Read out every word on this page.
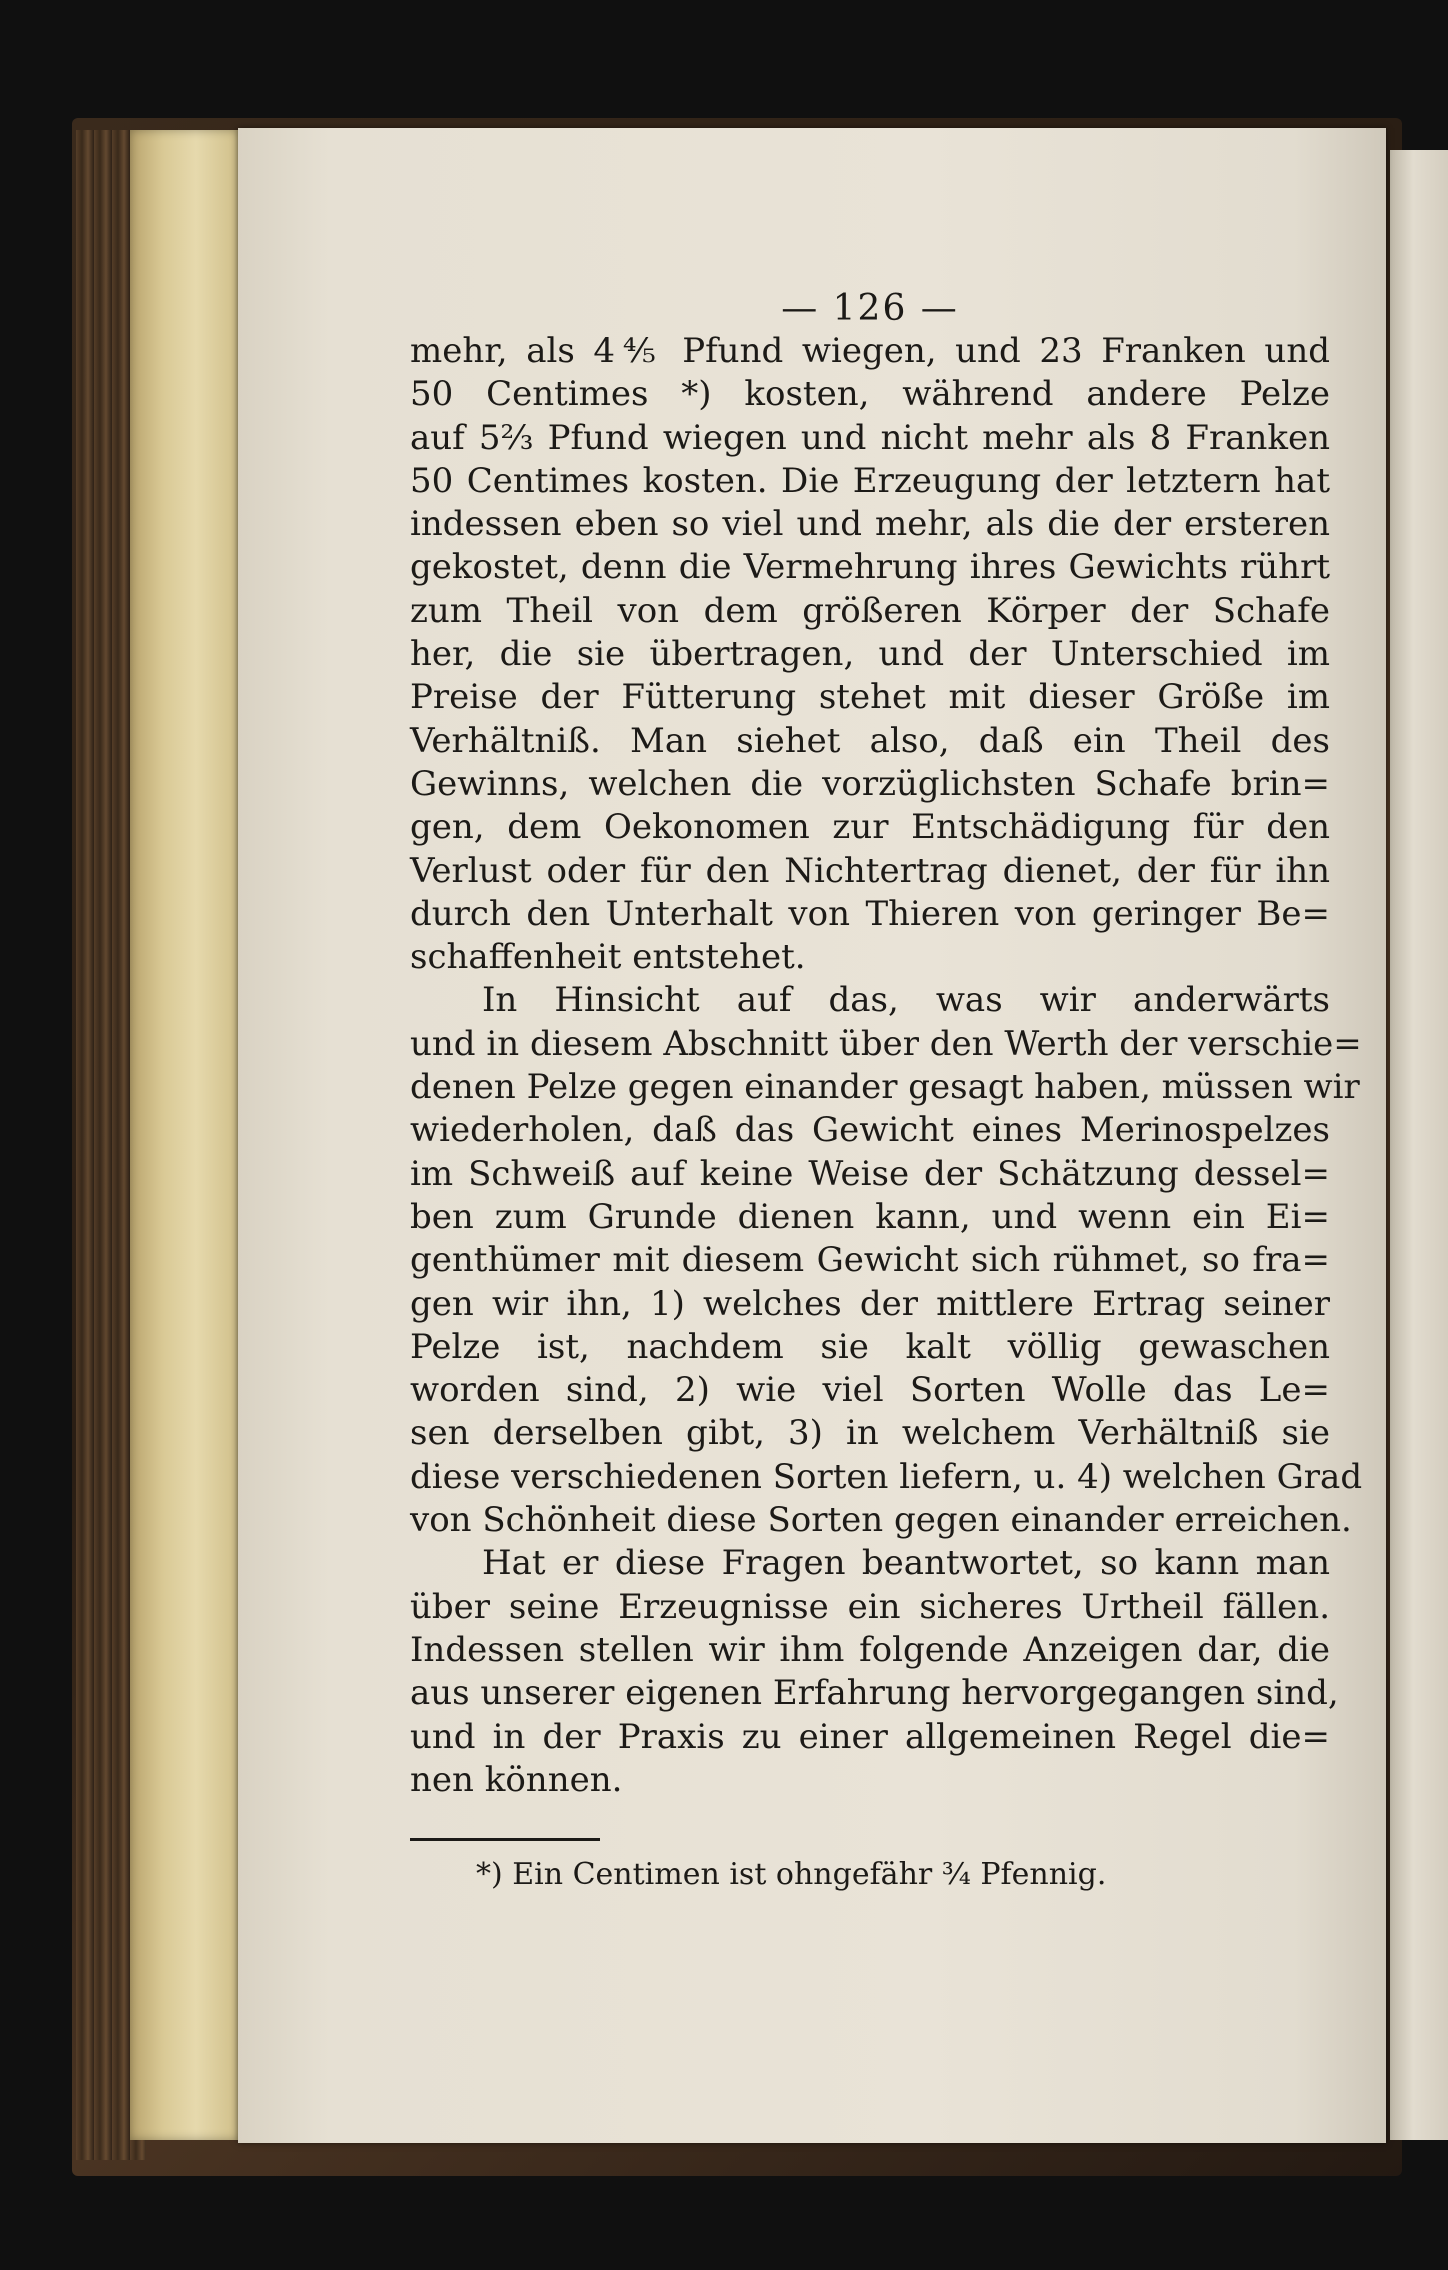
— 126 —
mehr, als 4⅘ Pfund wiegen, und 23 Franken und
50 Centimes *) kosten, während andere Pelze
auf 5⅔ Pfund wiegen und nicht mehr als 8 Franken
50 Centimes kosten. Die Erzeugung der letztern hat
indessen eben so viel und mehr, als die der ersteren
gekostet, denn die Vermehrung ihres Gewichts rührt
zum Theil von dem größeren Körper der Schafe
her, die sie übertragen, und der Unterschied im
Preise der Fütterung stehet mit dieser Größe im
Verhältniß. Man siehet also, daß ein Theil des
Gewinns, welchen die vorzüglichsten Schafe brin=
gen, dem Oekonomen zur Entschädigung für den
Verlust oder für den Nichtertrag dienet, der für ihn
durch den Unterhalt von Thieren von geringer Be=
schaffenheit entstehet.
In Hinsicht auf das, was wir anderwärts
und in diesem Abschnitt über den Werth der verschie=
denen Pelze gegen einander gesagt haben, müssen wir
wiederholen, daß das Gewicht eines Merinospelzes
im Schweiß auf keine Weise der Schätzung dessel=
ben zum Grunde dienen kann, und wenn ein Ei=
genthümer mit diesem Gewicht sich rühmet, so fra=
gen wir ihn, 1) welches der mittlere Ertrag seiner
Pelze ist, nachdem sie kalt völlig gewaschen
worden sind, 2) wie viel Sorten Wolle das Le=
sen derselben gibt, 3) in welchem Verhältniß sie
diese verschiedenen Sorten liefern, u. 4) welchen Grad
von Schönheit diese Sorten gegen einander erreichen.
Hat er diese Fragen beantwortet, so kann man
über seine Erzeugnisse ein sicheres Urtheil fällen.
Indessen stellen wir ihm folgende Anzeigen dar, die
aus unserer eigenen Erfahrung hervorgegangen sind,
und in der Praxis zu einer allgemeinen Regel die=
nen können.
*) Ein Centimen ist ohngefähr ¾ Pfennig.
